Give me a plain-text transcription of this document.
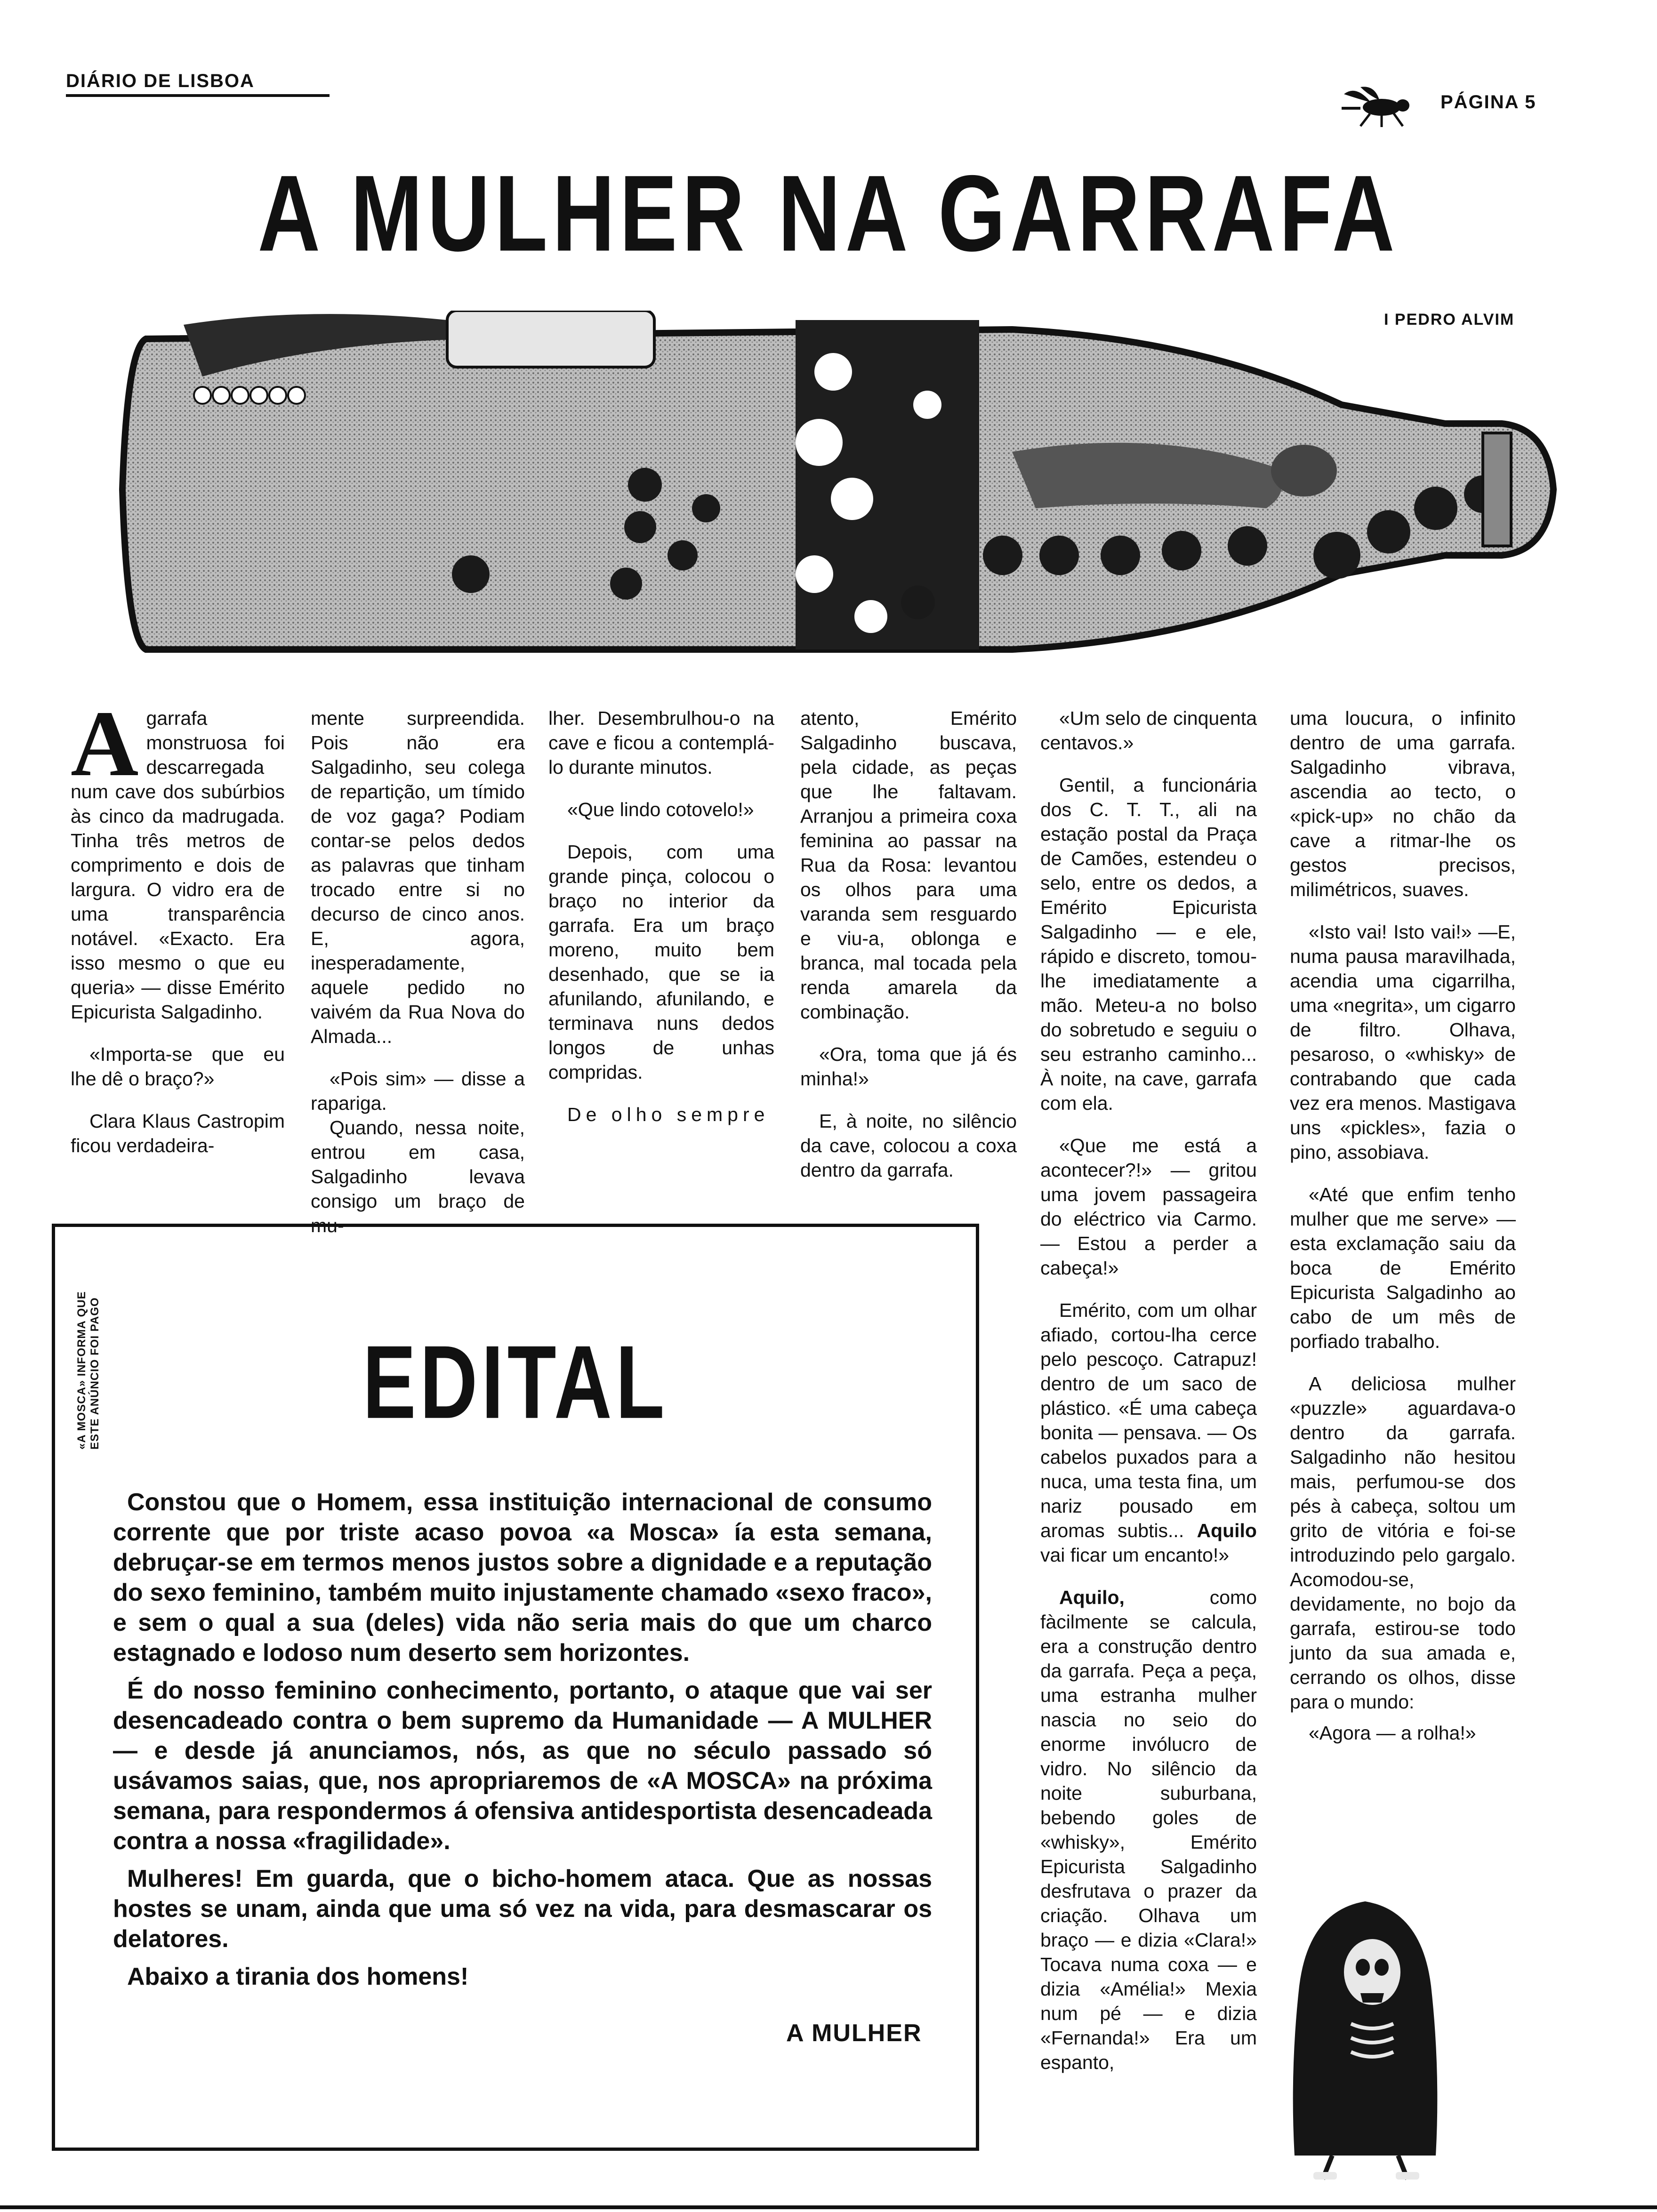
DIÁRIO DE LISBOA
PÁGINA 5
A MULHER NA GARRAFA
I PEDRO ALVIM

Agarrafa monstruosa foi descarregada num cave dos subúrbios às cinco da madrugada. Tinha três metros de comprimento e dois de largura. O vidro era de uma transparência notável. «Exacto. Era isso mesmo o que eu queria» — disse Emérito Epicurista Salgadinho.

«Importa-se que eu lhe dê o braço?»

Clara Klaus Castropim ficou verdadeira-

mente surpreendida. Pois não era Salgadinho, seu colega de repartição, um tímido de voz gaga? Podiam contar-se pelos dedos as palavras que tinham trocado entre si no decurso de cinco anos. E, agora, inesperadamente, aquele pedido no vaivém da Rua Nova do Almada...

«Pois sim» — disse a rapariga.

Quando, nessa noite, entrou em casa, Salgadinho levava consigo um braço de mu-

lher. Desembrulhou-o na cave e ficou a contemplá-lo durante minutos.

«Que lindo cotovelo!»

Depois, com uma grande pinça, colocou o braço no interior da garrafa. Era um braço moreno, muito bem desenhado, que se ia afunilando, afunilando, e terminava nuns dedos longos de unhas compridas.

De olho sempre

atento, Emérito Salgadinho buscava, pela cidade, as peças que lhe faltavam. Arranjou a primeira coxa feminina ao passar na Rua da Rosa: levantou os olhos para uma varanda sem resguardo e viu-a, oblonga e branca, mal tocada pela renda amarela da combinação.

«Ora, toma que já és minha!»

E, à noite, no silêncio da cave, colocou a coxa dentro da garrafa.

«Um selo de cinquenta centavos.»

Gentil, a funcionária dos C. T. T., ali na estação postal da Praça de Camões, estendeu o selo, entre os dedos, a Emérito Epicurista Salgadinho — e ele, rápido e discreto, tomou-lhe imediatamente a mão. Meteu-a no bolso do sobretudo e seguiu o seu estranho caminho... À noite, na cave, garrafa com ela.

«Que me está a acontecer?!» — gritou uma jovem passageira do eléctrico via Carmo. — Estou a perder a cabeça!»

Emérito, com um olhar afiado, cortou-lha cerce pelo pescoço. Catrapuz! dentro de um saco de plástico. «É uma cabeça bonita — pensava. — Os cabelos puxados para a nuca, uma testa fina, um nariz pousado em aromas subtis... Aquilo vai ficar um encanto!»

Aquilo,	como fàcilmente se calcula, era a construção dentro da garrafa. Peça a peça, uma estranha mulher nascia no seio do enorme invólucro de vidro. No silêncio da noite suburbana, bebendo goles de «whisky», Emérito Epicurista Salgadinho desfrutava o prazer da criação. Olhava um braço — e dizia «Clara!» Tocava numa coxa — e dizia «Amélia!» Mexia num pé — e dizia «Fernanda!» Era um espanto,

uma loucura, o infinito dentro de uma garrafa. Salgadinho vibrava, ascendia ao tecto, o «pick-up» no chão da cave a ritmar-lhe os gestos precisos, milimétricos, suaves.

«Isto vai! Isto vai!» —E, numa pausa maravilhada, acendia uma cigarrilha, uma «negrita», um cigarro de filtro. Olhava, pesaroso, o «whisky» de contrabando que cada vez era menos. Mastigava uns «pickles», fazia o pino, assobiava.

«Até que enfim tenho mulher que me serve» — esta exclamação saiu da boca de Emérito Epicurista Salgadinho ao cabo de um mês de porfiado trabalho.

A deliciosa mulher «puzzle» aguardava-o dentro da garrafa. Salgadinho não hesitou mais, perfumou-se dos pés à cabeça, soltou um grito de vitória e foi-se introduzindo pelo gargalo. Acomodou-se, devidamente, no bojo da garrafa, estirou-se todo junto da sua amada e, cerrando os olhos, disse para o mundo:

«Agora — a rolha!»

«A MOSCA» INFORMA QUE ESTE ANÚNCIO FOI PAGO	EDITAL

Constou que o Homem, essa instituição internacional de consumo corrente que por triste acaso povoa «a Mosca» ía esta semana, debruçar-se em termos menos justos sobre a dignidade e a reputação do sexo feminino, também muito injustamente chamado «sexo fraco», e sem o qual a sua (deles) vida não seria mais do que um charco estagnado e lodoso num deserto sem horizontes.

É do nosso feminino conhecimento, portanto, o ataque que vai ser desencadeado contra o bem supremo da Humanidade — A MULHER — e desde já anunciamos, nós, as que no século passado só usávamos saias, que, nos apropriaremos de «A MOSCA» na próxima semana, para respondermos á ofensiva antidesportista desencadeada contra a nossa «fragilidade».

Mulheres! Em guarda, que o bicho-homem ataca. Que as nossas hostes se unam, ainda que uma só vez na vida, para desmascarar os delatores.

Abaixo a tirania dos homens!

A MULHER
